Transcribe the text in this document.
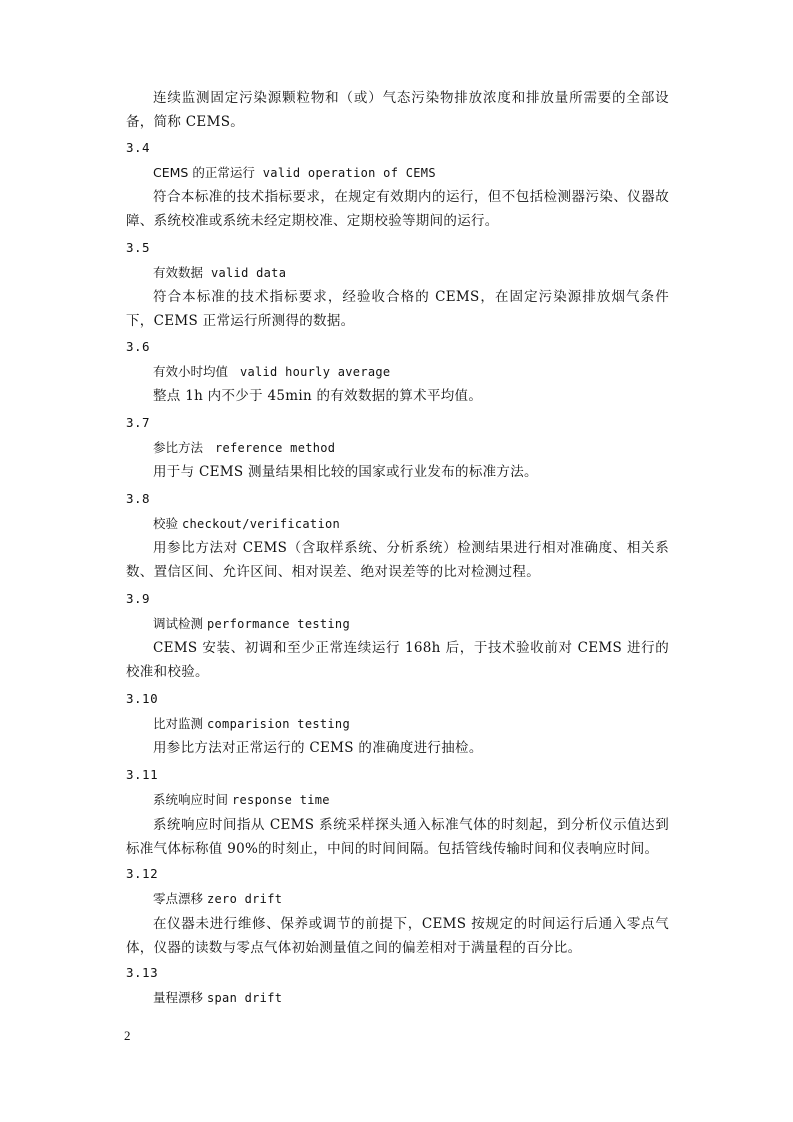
连续监测固定污染源颗粒物和（或）气态污染物排放浓度和排放量所需要的全部设备，简称 CEMS。
3.4
CEMS 的正常运行 valid operation of CEMS
符合本标准的技术指标要求，在规定有效期内的运行，但不包括检测器污染、仪器故障、系统校准或系统未经定期校准、定期校验等期间的运行。
3.5
有效数据 valid data
符合本标准的技术指标要求，经验收合格的 CEMS，在固定污染源排放烟气条件下，CEMS 正常运行所测得的数据。
3.6
有效小时均值 valid hourly average
整点 1h 内不少于 45min 的有效数据的算术平均值。
3.7
参比方法 reference method
用于与 CEMS 测量结果相比较的国家或行业发布的标准方法。
3.8
校验 checkout/verification
用参比方法对 CEMS（含取样系统、分析系统）检测结果进行相对准确度、相关系数、置信区间、允许区间、相对误差、绝对误差等的比对检测过程。
3.9
调试检测 performance testing
CEMS 安装、初调和至少正常连续运行 168h 后，于技术验收前对 CEMS 进行的校准和校验。
3.10
比对监测 comparision testing
用参比方法对正常运行的 CEMS 的准确度进行抽检。
3.11
系统响应时间 response time
系统响应时间指从 CEMS 系统采样探头通入标准气体的时刻起，到分析仪示值达到标准气体标称值 90%的时刻止，中间的时间间隔。包括管线传输时间和仪表响应时间。
3.12
零点漂移 zero drift
在仪器未进行维修、保养或调节的前提下，CEMS 按规定的时间运行后通入零点气体，仪器的读数与零点气体初始测量值之间的偏差相对于满量程的百分比。
3.13
量程漂移 span drift
2
